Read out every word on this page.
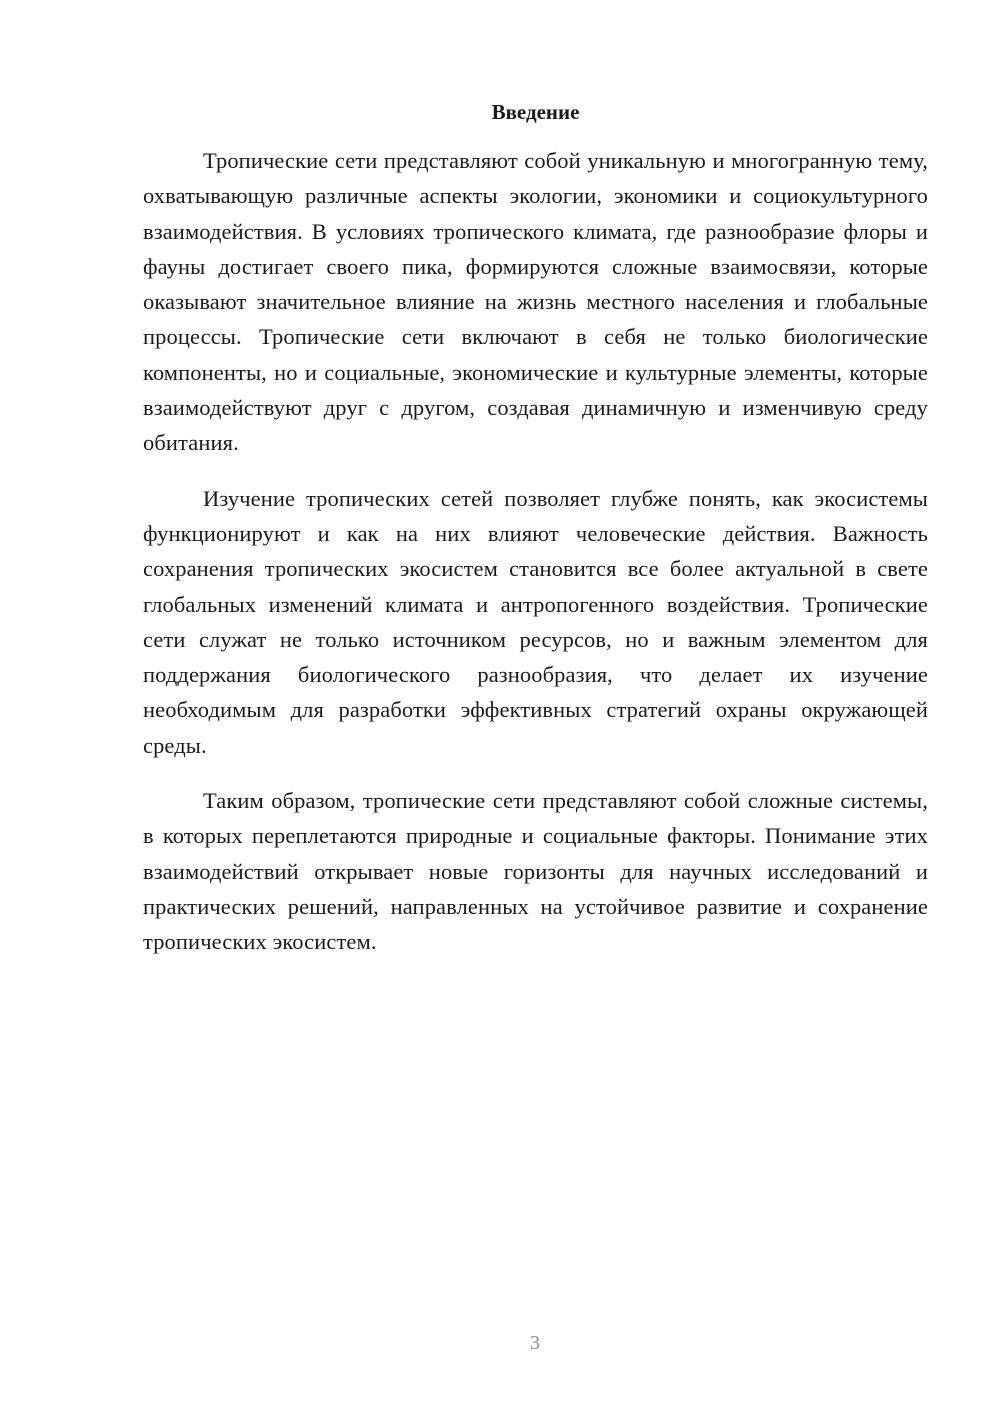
Введение

Тропические сети представляют собой уникальную и многогранную тему, охватывающую различные аспекты экологии, экономики и социокультурного взаимодействия. В условиях тропического климата, где разнообразие флоры и фауны достигает своего пика, формируются сложные взаимосвязи, которые оказывают значительное влияние на жизнь местного населения и глобальные процессы. Тропические сети включают в себя не только биологические компоненты, но и социальные, экономические и культурные элементы, которые взаимодействуют друг с другом, создавая динамичную и изменчивую среду обитания.

Изучение тропических сетей позволяет глубже понять, как экосистемы функционируют и как на них влияют человеческие действия. Важность сохранения тропических экосистем становится все более актуальной в свете глобальных изменений климата и антропогенного воздействия. Тропические сети служат не только источником ресурсов, но и важным элементом для поддержания биологического разнообразия, что делает их изучение необходимым для разработки эффективных стратегий охраны окружающей среды.

Таким образом, тропические сети представляют собой сложные системы, в которых переплетаются природные и социальные факторы. Понимание этих взаимодействий открывает новые горизонты для научных исследований и практических решений, направленных на устойчивое развитие и сохранение тропических экосистем.

3
